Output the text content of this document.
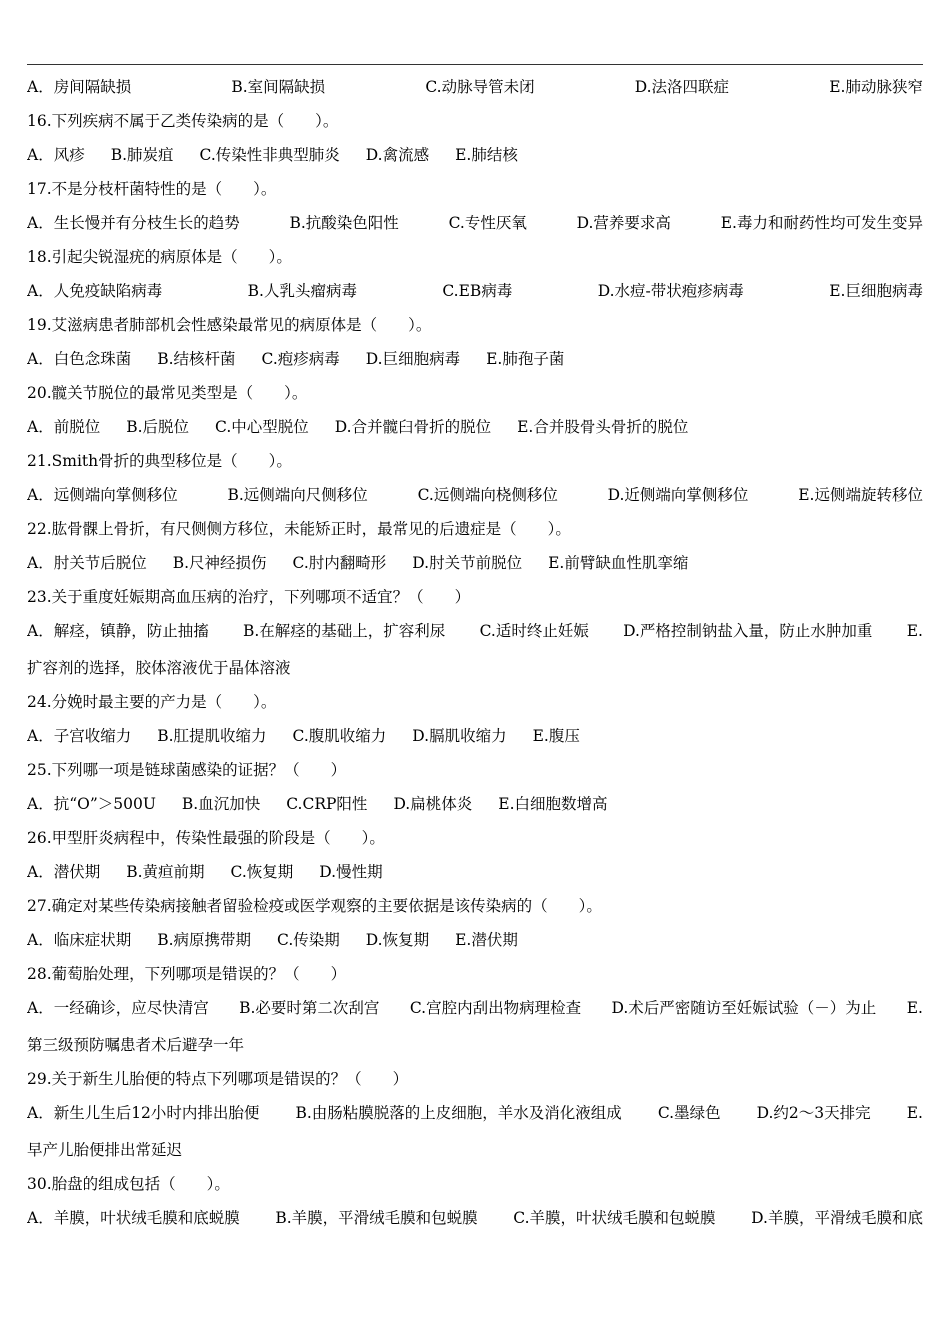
A．房间隔缺损	B.室间隔缺损	C.动脉导管未闭	D.法洛四联症	E.肺动脉狭窄
16.下列疾病不属于乙类传染病的是（　　）。
A．风疹 B.肺炭疽 C.传染性非典型肺炎 D.禽流感 E.肺结核
17.不是分枝杆菌特性的是（　　）。
A．生长慢并有分枝生长的趋势	B.抗酸染色阳性	C.专性厌氧	D.营养要求高	E.毒力和耐药性均可发生变异
18.引起尖锐湿疣的病原体是（　　）。
A．人免疫缺陷病毒	B.人乳头瘤病毒	C.EB病毒	D.水痘-带状疱疹病毒	E.巨细胞病毒
19.艾滋病患者肺部机会性感染最常见的病原体是（　　）。
A．白色念珠菌 B.结核杆菌 C.疱疹病毒 D.巨细胞病毒 E.肺孢子菌
20.髋关节脱位的最常见类型是（　　）。
A．前脱位 B.后脱位 C.中心型脱位 D.合并髋臼骨折的脱位 E.合并股骨头骨折的脱位
21.Smith骨折的典型移位是（　　）。
A．远侧端向掌侧移位	B.远侧端向尺侧移位	C.远侧端向桡侧移位	D.近侧端向掌侧移位	E.远侧端旋转移位
22.肱骨髁上骨折，有尺侧侧方移位，未能矫正时，最常见的后遗症是（　　）。
A．肘关节后脱位 B.尺神经损伤 C.肘内翻畸形 D.肘关节前脱位 E.前臂缺血性肌挛缩
23.关于重度妊娠期高血压病的治疗，下列哪项不适宜？（　　）
A．解痉，镇静，防止抽搐 B.在解痉的基础上，扩容利尿 C.适时终止妊娠 D.严格控制钠盐入量，防止水肿加重 E.
扩容剂的选择，胶体溶液优于晶体溶液
24.分娩时最主要的产力是（　　）。
A．子宫收缩力 B.肛提肌收缩力 C.腹肌收缩力 D.膈肌收缩力 E.腹压
25.下列哪一项是链球菌感染的证据？（　　）
A．抗“O”＞500U B.血沉加快 C.CRP阳性 D.扁桃体炎 E.白细胞数增高
26.甲型肝炎病程中，传染性最强的阶段是（　　）。
A．潜伏期 B.黄疸前期 C.恢复期 D.慢性期
27.确定对某些传染病接触者留验检疫或医学观察的主要依据是该传染病的（　　）。
A．临床症状期 B.病原携带期 C.传染期 D.恢复期 E.潜伏期
28.葡萄胎处理，下列哪项是错误的？（　　）
A．一经确诊，应尽快清宫 B.必要时第二次刮宫 C.宫腔内刮出物病理检查 D.术后严密随访至妊娠试验（－）为止 E.
第三级预防嘱患者术后避孕一年
29.关于新生儿胎便的特点下列哪项是错误的？（　　）
A．新生儿生后12小时内排出胎便 B.由肠粘膜脱落的上皮细胞，羊水及消化液组成 C.墨绿色 D.约2～3天排完 E.
早产儿胎便排出常延迟
30.胎盘的组成包括（　　）。
A．羊膜，叶状绒毛膜和底蜕膜 B.羊膜，平滑绒毛膜和包蜕膜 C.羊膜，叶状绒毛膜和包蜕膜 D.羊膜，平滑绒毛膜和底
